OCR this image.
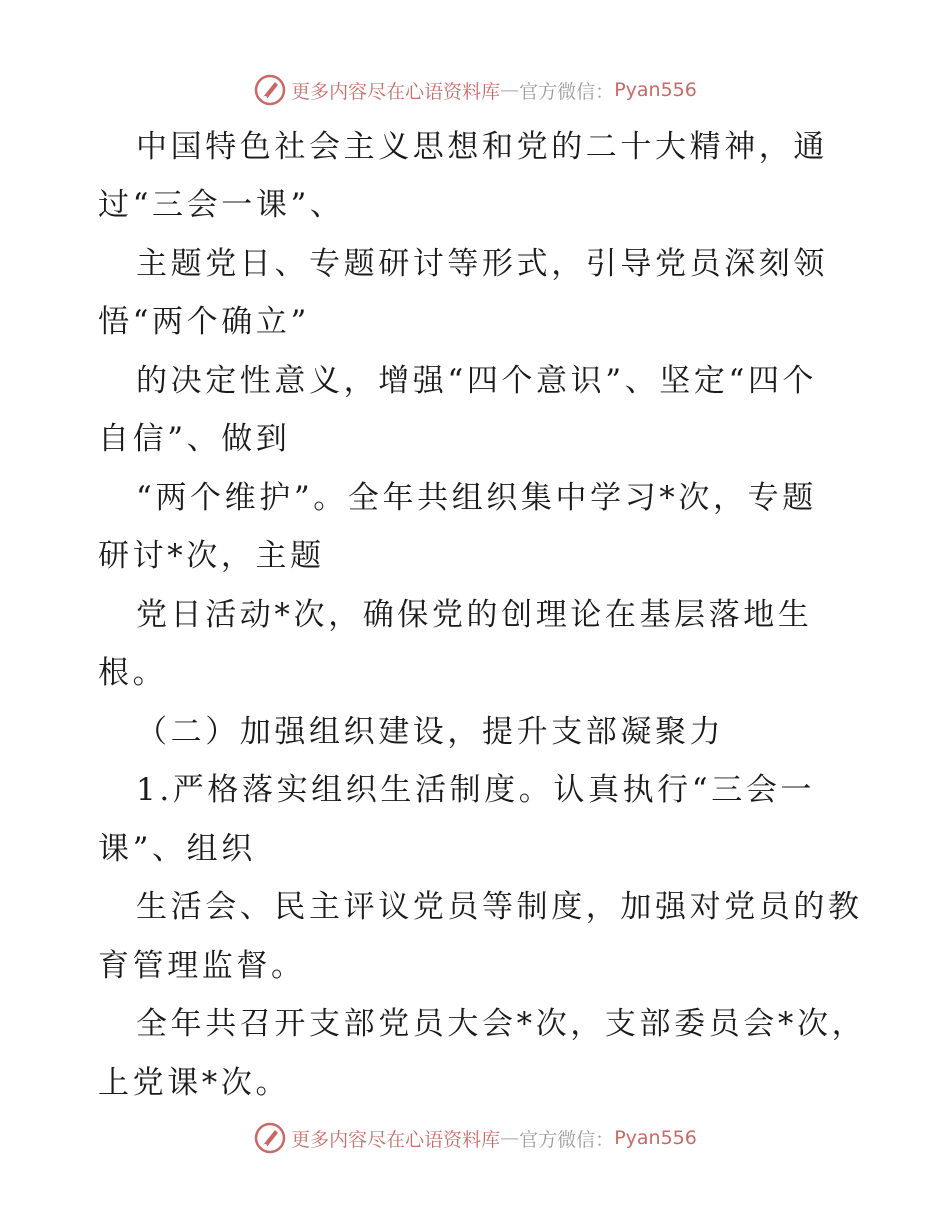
更多内容尽在心语资料库 — 官方微信： Pyan556
中国特色社会主义思想和党的二十大精神，通
过“三会一课”、
主题党日、专题研讨等形式，引导党员深刻领
悟“两个确立”
的决定性意义，增强“四个意识”、坚定“四个
自信”、做到
“两个维护”。全年共组织集中学习*次，专题
研讨*次，主题
党日活动*次，确保党的创理论在基层落地生
根。
（二）加强组织建设，提升支部凝聚力
1.严格落实组织生活制度。认真执行“三会一
课”、组织
生活会、民主评议党员等制度，加强对党员的教
育管理监督。
全年共召开支部党员大会*次，支部委员会*次，
上党课*次。
更多内容尽在心语资料库 — 官方微信： Pyan556
